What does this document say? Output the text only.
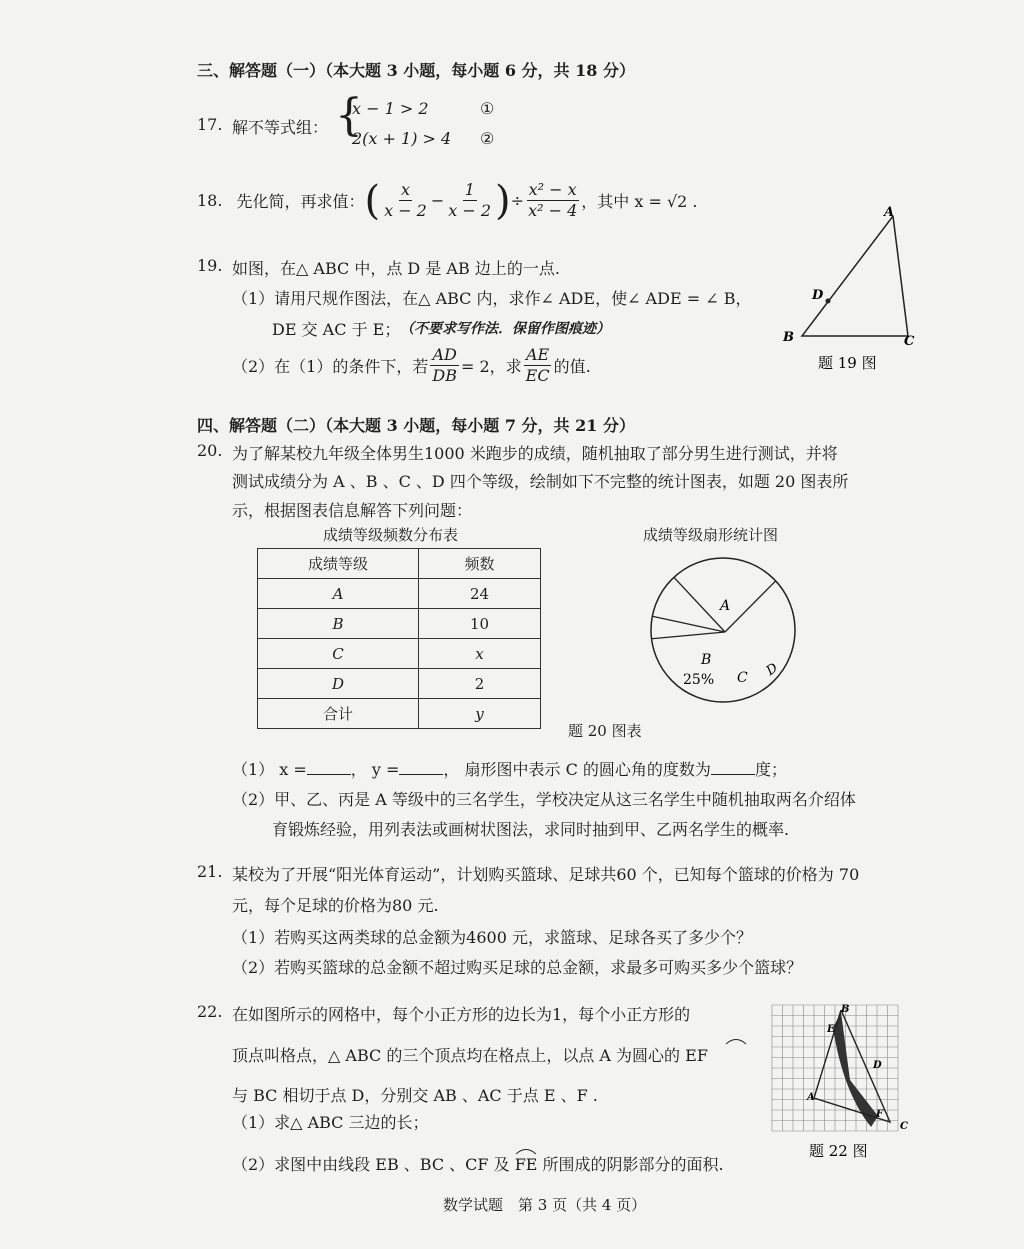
三、解答题（一）（本大题 3 小题，每小题 6 分，共 18 分）
17. 解不等式组： {
x − 1 > 2
2(x + 1) > 4
①
②
18. 先化简，再求值： ( $\frac{x}{x - 2} - \frac{1}{x - 2}$ ) ÷ $\frac{\text{x² − x}}{\text{x² − 4}}$ ，其中 x = √2 .
19. 如图，在△ ABC 中，点 D 是 AB 边上的一点.
（1）请用尺规作图法，在△ ABC 内，求作∠ ADE，使∠ ADE = ∠ B，
DE 交 AC 于 E； （不要求写作法．保留作图痕迹）
（2）在（1）的条件下，若 $\frac{AD}{DB} = 2$，求 $\frac{AE}{EC}$ 的值.
A
B	C
D
题 19 图
四、解答题（二）（本大题 3 小题，每小题 7 分，共 21 分）
20. 为了解某校九年级全体男生1000 米跑步的成绩，随机抽取了部分男生进行测试，并将
测试成绩分为 A 、B 、C 、D 四个等级，绘制如下不完整的统计图表，如题 20 图表所
示，根据图表信息解答下列问题：
成绩等级频数分布表
成绩等级	频数
A	24
B	10
C	x
D	2
合计	y
成绩等级扇形统计图
A
B
25% C D
题 20 图表
（1） x =	， y =	， 扇形图中表示 C 的圆心角的度数为	度；
（2）甲、乙、丙是 A 等级中的三名学生，学校决定从这三名学生中随机抽取两名介绍体
育锻炼经验，用列表法或画树状图法，求同时抽到甲、乙两名学生的概率.
21. 某校为了开展“阳光体育运动”，计划购买篮球、足球共60 个，已知每个篮球的价格为 70
元，每个足球的价格为80 元.
（1）若购买这两类球的总金额为4600 元，求篮球、足球各买了多少个？
（2）若购买篮球的总金额不超过购买足球的总金额，求最多可购买多少个篮球？
22. 在如图所示的网格中，每个小正方形的边长为1，每个小正方形的
顶点叫格点，△ ABC 的三个顶点均在格点上，以点 A 为圆心的 EF
与 BC 相切于点 D，分别交 AB 、AC 于点 E 、F .
（1）求△ ABC 三边的长；
（2）求图中由线段 EB 、BC 、CF 及 FE 所围成的阴影部分的面积.
B
E
D
A
F
C
题 22 图
数学试题　第 3 页（共 4 页）
